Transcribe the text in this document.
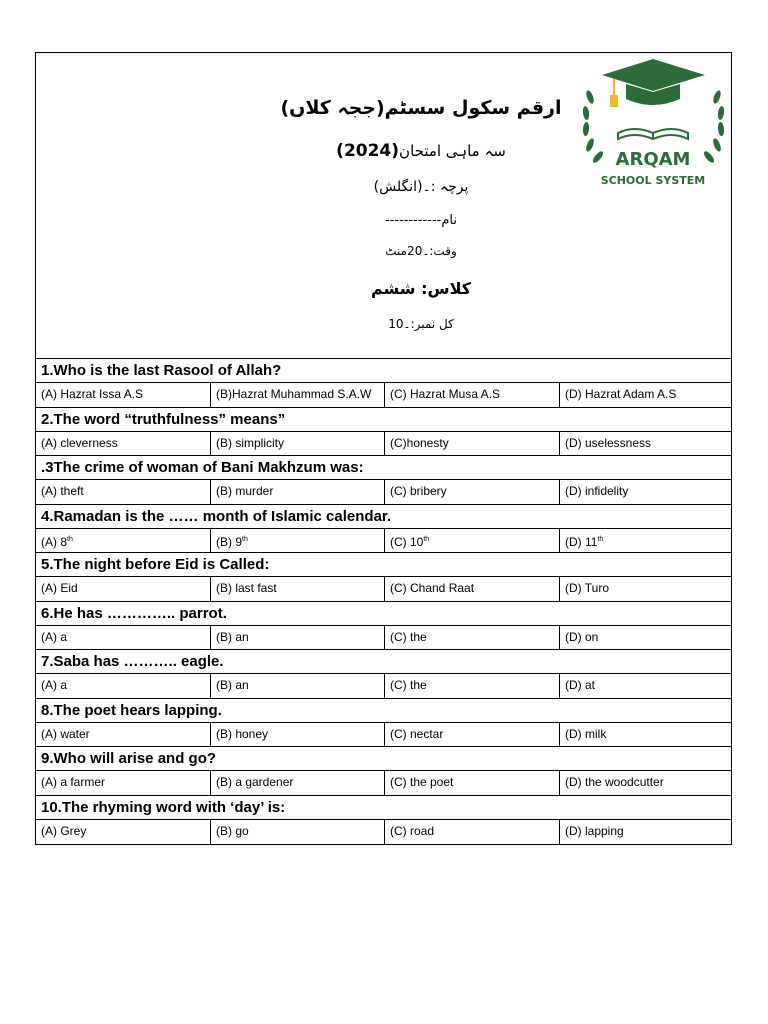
ارقم سکول سسٹم(ججہ کلاں)
سہ ماہی امتحان(2024)
پرچہ :۔(انگلش)
نام------------
وقت:۔20منٹ
کلاس: ششم
کل نمبر:۔10
ARQAM
SCHOOL SYSTEM
1.Who is the last Rasool of Allah?
(A) Hazrat Issa A.S	(B)Hazrat Muhammad S.A.W	(C) Hazrat Musa A.S	(D) Hazrat Adam A.S
2.The word “truthfulness” means”
(A) cleverness	(B) simplicity	(C)honesty	(D) uselessness
.3The crime of woman of Bani Makhzum was:
(A) theft	(B) murder	(C) bribery	(D) infidelity
4.Ramadan is the …… month of Islamic calendar.
(A) 8th	(B) 9th	(C) 10th	(D) 11th
5.The night before Eid is Called:
(A) Eid	(B) last fast	(C) Chand Raat	(D) Turo
6.He has ………….. parrot.
(A) a	(B) an	(C) the	(D) on
7.Saba has ……….. eagle.
(A) a	(B) an	(C) the	(D) at
8.The poet hears lapping.
(A) water	(B) honey	(C) nectar	(D) milk
9.Who will arise and go?
(A) a farmer	(B) a gardener	(C) the poet	(D) the woodcutter
10.The rhyming word with ‘day’ is:
(A) Grey	(B) go	(C) road	(D) lapping
